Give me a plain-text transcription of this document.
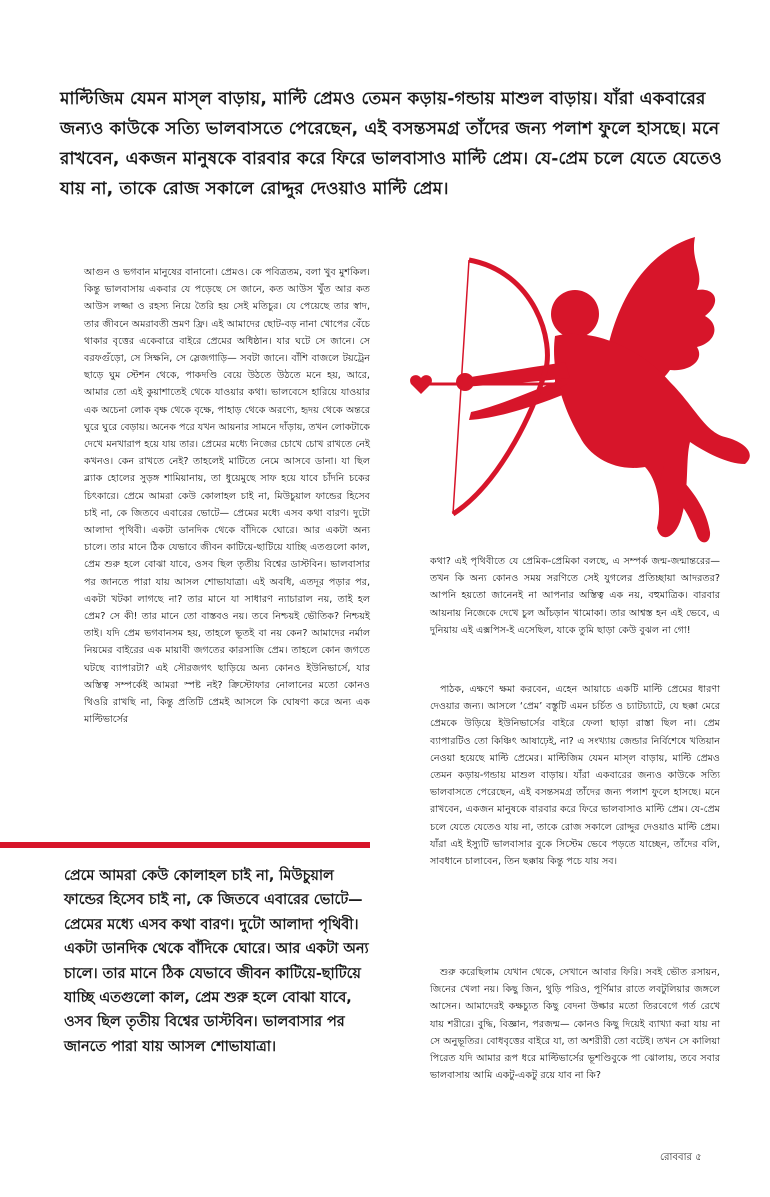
মাল্টিজিম যেমন মাস্‌ল বাড়ায়, মাল্টি প্রেমও তেমন কড়ায়-গন্ডায় মাশুল বাড়ায়। যাঁরা একবারের জন্যও কাউকে সত্যি ভালবাসতে পেরেছেন, এই বসন্তসমগ্র তাঁদের জন্য পলাশ ফুলে হাসছে। মনে রাখবেন, একজন মানুষকে বারবার করে ফিরে ভালবাসাও মাল্টি প্রেম। যে-প্রেম চলে যেতে যেতেও যায় না, তাকে রোজ সকালে রোদ্দুর দেওয়াও মাল্টি প্রেম।

আগুন ও ভগবান মানুষের বানানো। প্রেমও। কে পবিত্রতম, বলা খুব মুশকিল। কিন্তু ভালবাসায় একবার যে পড়েছে সে জানে, কত আউস খুঁত আর কত আউস লজ্জা ও রহস্য নিয়ে তৈরি হয় সেই মতিচুর। যে পেয়েছে তার স্বাদ, তার জীবনে অমরাবতী ভ্রমণ ফ্রি। এই আমাদের ছোট-বড় নানা খোপের বেঁচে থাকার বৃত্তের একেবারে বাইরে প্রেমের অধিষ্ঠান। যার ঘটে সে জানে। সে বরফগুঁড়ো, সে সিক্ষনি, সে স্লেজগাড়ি— সবটা জানে। বাঁশি বাজলে টয়ট্রেন ছাড়ে ঘুম স্টেশন থেকে, পাকদণ্ডি বেয়ে উঠতে উঠতে মনে হয়, আরে, আমার তো এই কুয়াশাতেই থেকে যাওয়ার কথা। ভালবেসে হারিয়ে যাওয়ার এক অচেনা লোক বৃক্ষ থেকে বৃক্ষে, পাহাড় থেকে অরণ্যে, হৃদয় থেকে অন্তরে ঘুরে ঘুরে বেড়ায়। অনেক পরে যখন আয়নার সামনে দাঁড়ায়, তখন লোকটাকে দেখে মনখারাপ হয়ে যায় তার। প্রেমের মধ্যে নিজের চোখে চোখ রাখতে নেই কখনও। কেন রাখতে নেই? তাহলেই মাটিতে নেমে আসবে ডানা। যা ছিল ব্ল্যাক হোলের সুড়ঙ্গ শামিয়ানায়, তা ধুয়েমুছে সাফ হয়ে যাবে চাঁদনি চকের চিৎকারে। প্রেমে আমরা কেউ কোলাহল চাই না, মিউচুয়াল ফান্ডের হিসেব চাই না, কে জিতবে এবারের ভোটে— প্রেমের মধ্যে এসব কথা বারণ। দুটো আলাদা পৃথিবী। একটা ডানদিক থেকে বাঁদিকে ঘোরে। আর একটা অন্য চালে। তার মানে ঠিক যেভাবে জীবন কাটিয়ে-ছাটিয়ে যাচ্ছি এতগুলো কাল, প্রেম শুরু হলে বোঝা যাবে, ওসব ছিল তৃতীয় বিশ্বের ডাস্টবিন। ভালবাসার পর জানতে পারা যায় আসল শোভাযাত্রা। এই অবধি, এতদূর পড়ার পর, একটা খটকা লাগছে না? তার মানে যা সাধারণ ন্যাচারাল নয়, তাই হল প্রেম? সে কী! তার মানে তো বাস্তবও নয়। তবে নিশ্চয়ই ভৌতিক? নিশ্চয়ই তাই। যদি প্রেম ভগবানসম হয়, তাহলে ভূতই বা নয় কেন? আমাদের নর্মাল নিয়মের বাইরের এক মায়াবী জগতের কারসাজি প্রেম। তাহলে কোন জগতে ঘটছে ব্যাপারটা? এই সৌরজগৎ ছাড়িয়ে অন্য কোনও ইউনিভার্সে, যার অস্তিত্ব সম্পর্কেই আমরা স্পষ্ট নই? ক্রিস্টোফার নোলানের মতো কোনও থিওরি রাখছি না, কিন্তু প্রতিটি প্রেমই আসলে কি ঘোষণা করে অন্য এক মাল্টিভার্সের

প্রেমে আমরা কেউ কোলাহল চাই না, মিউচুয়াল ফান্ডের হিসেব চাই না, কে জিতবে এবারের ভোটে— প্রেমের মধ্যে এসব কথা বারণ। দুটো আলাদা পৃথিবী। একটা ডানদিক থেকে বাঁদিকে ঘোরে। আর একটা অন্য চালে। তার মানে ঠিক যেভাবে জীবন কাটিয়ে-ছাটিয়ে যাচ্ছি এতগুলো কাল, প্রেম শুরু হলে বোঝা যাবে, ওসব ছিল তৃতীয় বিশ্বের ডাস্টবিন। ভালবাসার পর জানতে পারা যায় আসল শোভাযাত্রা।

কথা? এই পৃথিবীতে যে প্রেমিক-প্রেমিকা বলছে, এ সম্পর্ক জন্ম-জন্মান্তরের— তখন কি অন্য কোনও সময় সরণিতে সেই যুগলের প্রতিচ্ছায়া আদরতর? আপনি হয়তো জানেনই না আপনার অস্তিত্ব এক নয়, বহুমাত্রিক। বারবার আয়নায় নিজেকে দেখে চুল আঁচড়ান খামোকা। তার আশ্বস্ত হন এই ভেবে, এ দুনিয়ায় এই এক্সপিস-ই এসেছিল, যাকে তুমি ছাড়া কেউ বুঝল না গো!

পাঠক, এক্ষণে ক্ষমা করবেন, এহেন আয়াচে একটি মাল্টি প্রেমের ধারণা দেওয়ার জন্য। আসলে ‘প্রেম’ বস্তুটি এমন চর্চিত ও চ্যাটচ্যাটে, যে ছক্কা মেরে প্রেমকে উড়িয়ে ইউনিভার্সের বাইরে ফেলা ছাড়া রাস্তা ছিল না। প্রেম ব্যাপারটিও তো কিঞ্চিৎ আষাঢ়েই, না? এ সংখ্যায় জেন্ডার নির্বিশেষে খতিয়ান নেওয়া হয়েছে মাল্টি প্রেমের। মাল্টিজিম যেমন মাস্‌ল বাড়ায়, মাল্টি প্রেমও তেমন কড়ায়-গন্ডায় মাশুল বাড়ায়। যাঁরা একবারের জন্যও কাউকে সত্যি ভালবাসতে পেরেছেন, এই বসন্তসমগ্র তাঁদের জন্য পলাশ ফুলে হাসছে। মনে রাখবেন, একজন মানুষকে বারবার করে ফিরে ভালবাসাও মাল্টি প্রেম। যে-প্রেম চলে যেতে যেতেও যায় না, তাকে রোজ সকালে রোদ্দুর দেওয়াও মাল্টি প্রেম। যাঁরা এই ইস্যুটি ভালবাসার বুকে সিস্টেম ভেবে পড়তে যাচ্ছেন, তাঁদের বলি, সাবধানে চালাবেন, তিন ছক্কায় কিন্তু পচে যায় সব।

শুরু করেছিলাম যেখান থেকে, সেখানে আবার ফিরি। সবই ভৌত রসায়ন, জিনের খেলা নয়। কিছু জিন, থুড়ি পরিও, পূর্ণিমার রাতে লবটুলিয়ার জঙ্গলে আসেন। আমাদেরই কক্ষচ্যুত কিছু বেদনা উল্কার মতো তিরবেগে গর্ত রেখে যায় শরীরে। বুদ্ধি, বিজ্ঞান, পরজন্ম— কোনও কিছু দিয়েই ব্যাখ্যা করা যায় না সে অনুভূতির। বোধবৃত্তের বাইরে যা, তা অশরীরী তো বটেই। তখন সে কালিয়া পিরেত যদি আমার রূপ ধরে মাল্টিভার্সের ভূশণ্ডিবুকে পা ঝোলায়, তবে সবার ভালবাসায় আমি একটু-একটু রয়ে যাব না কি?

রোববার ৫
